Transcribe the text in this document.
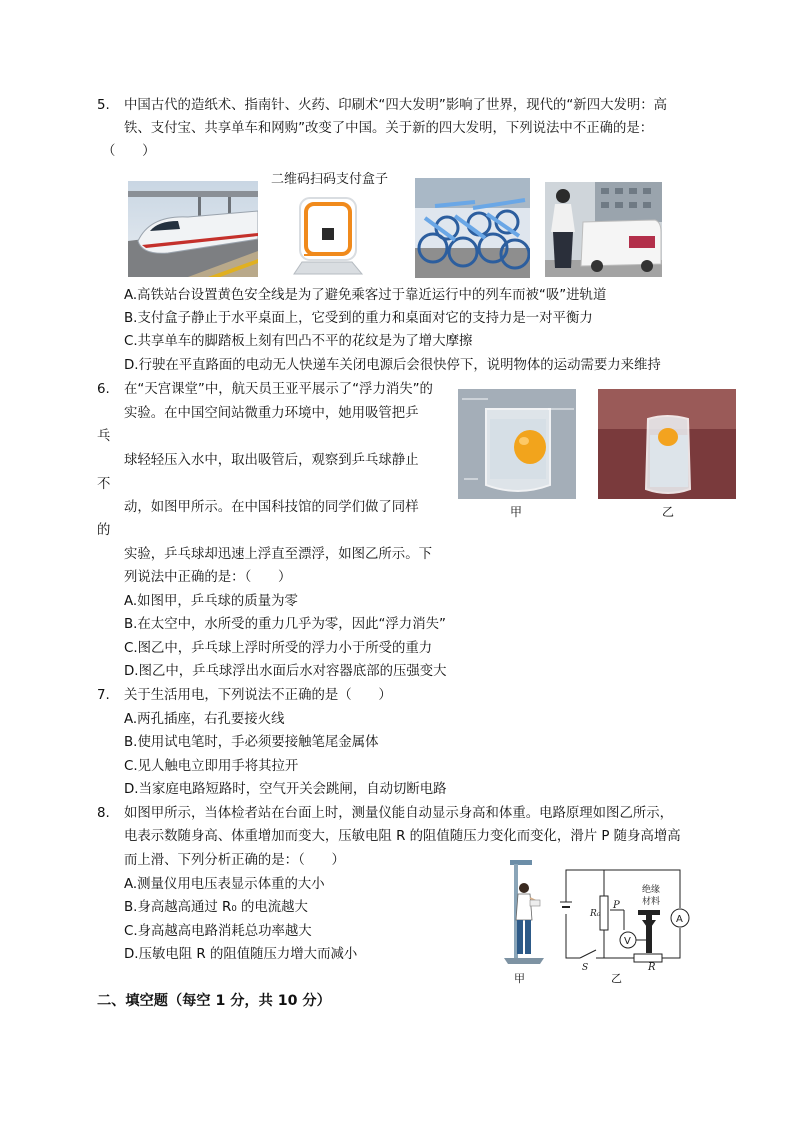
5. 中国古代的造纸术、指南针、火药、印刷术“四大发明”影响了世界，现代的“新四大发明：高
铁、支付宝、共享单车和网购”改变了中国。关于新的四大发明，下列说法中不正确的是：
（　　）
二维码扫码支付盒子
A.高铁站台设置黄色安全线是为了避免乘客过于靠近运行中的列车而被“吸”进轨道
B.支付盒子静止于水平桌面上，它受到的重力和桌面对它的支持力是一对平衡力
C.共享单车的脚踏板上刻有凹凸不平的花纹是为了增大摩擦
D.行驶在平直路面的电动无人快递车关闭电源后会很快停下，说明物体的运动需要力来维持
6. 在“天宫课堂”中，航天员王亚平展示了“浮力消失”的
实验。在中国空间站微重力环境中，她用吸管把乒
乓
球轻轻压入水中，取出吸管后，观察到乒乓球静止
不
动，如图甲所示。在中国科技馆的同学们做了同样
的
实验，乒乓球却迅速上浮直至漂浮，如图乙所示。下
列说法中正确的是：（　　）
甲	乙
A.如图甲，乒乓球的质量为零
B.在太空中，水所受的重力几乎为零，因此“浮力消失”
C.图乙中，乒乓球上浮时所受的浮力小于所受的重力
D.图乙中，乒乓球浮出水面后水对容器底部的压强变大
7. 关于生活用电，下列说法不正确的是（　　）
A.两孔插座，右孔要接火线
B.使用试电笔时，手必须要接触笔尾金属体
C.见人触电立即用手将其拉开
D.当家庭电路短路时，空气开关会跳闸，自动切断电路
8. 如图甲所示，当体检者站在台面上时，测量仪能自动显示身高和体重。电路原理如图乙所示，
电表示数随身高、体重增加而变大，压敏电阻 R 的阻值随压力变化而变化，滑片 P 随身高增高
而上滑、下列分析正确的是：（　　）
A.测量仪用电压表显示体重的大小
B.身高越高通过 R₀ 的电流越大
C.身高越高电路消耗总功率越大
D.压敏电阻 R 的阻值随压力增大而减小
甲
R₀
P
绝缘
材料
A
V
S	R
乙
二、填空题（每空 1 分，共 10 分）
